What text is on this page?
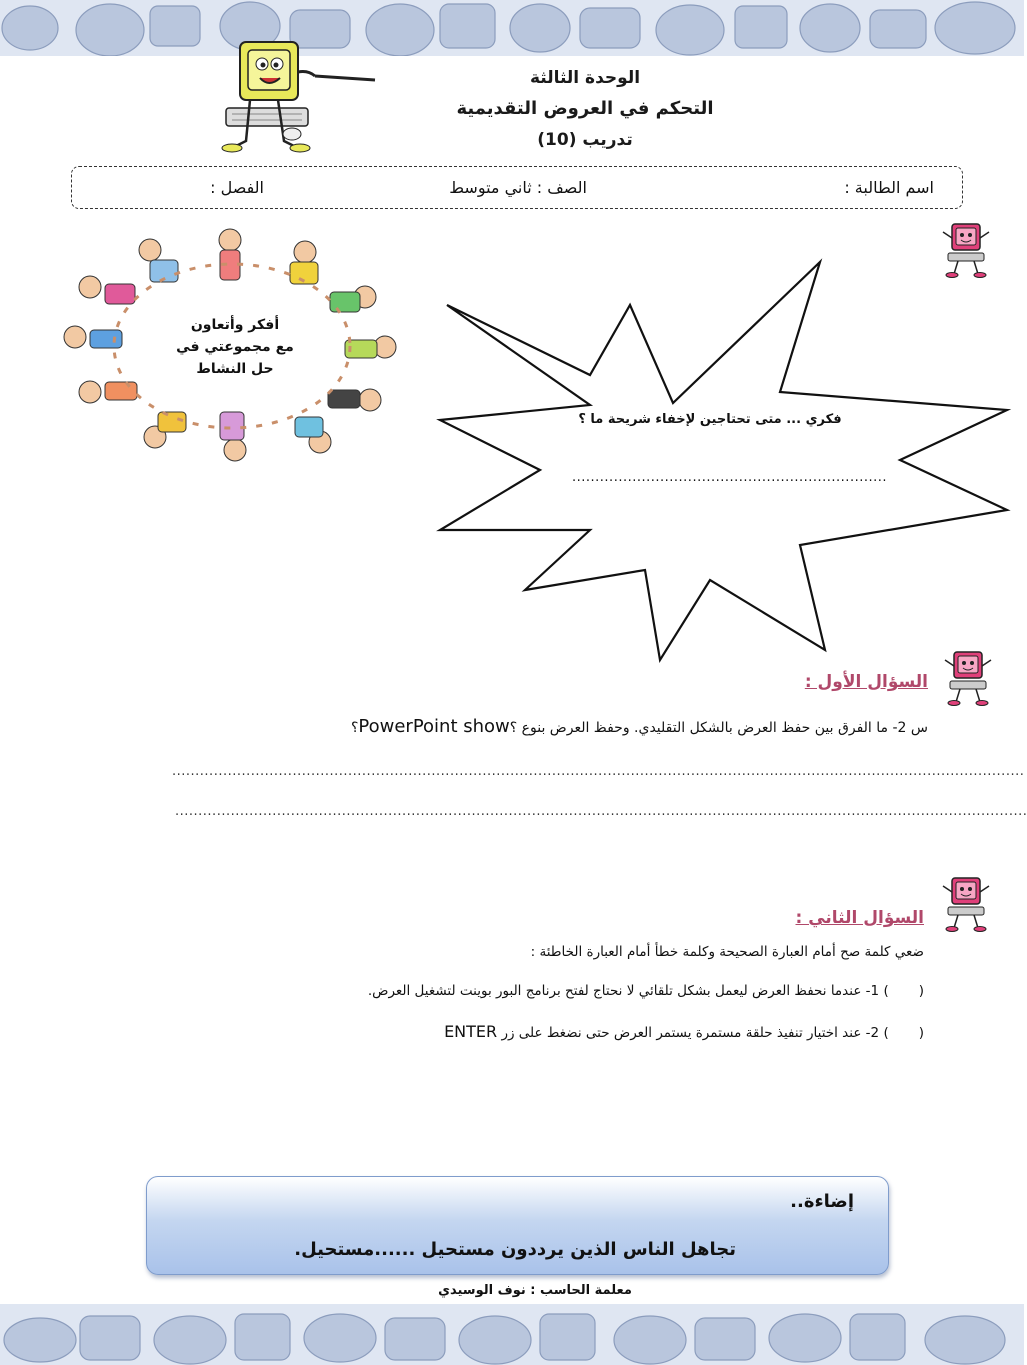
الوحدة الثالثة
التحكم في العروض التقديمية
تدريب (10)
اسم الطالبة :
الصف : ثاني متوسط
الفصل :
أفكر وأتعاون
مع مجموعتي في
حل النشاط
فكري ... متى تحتاجين لإخفاء شريحة ما ؟
....................................................................
السؤال الأول :
س 2- ما الفرق بين حفظ العرض بالشكل التقليدي. وحفظ العرض بنوع ؟PowerPoint show؟
........................................................................................................................................................................................
........................................................................................................................................................................................
السؤال الثاني :
ضعي كلمة صح أمام العبارة الصحيحة وكلمة خطأ أمام العبارة الخاطئة :
() 1- عندما نحفظ العرض ليعمل بشكل تلقائي لا نحتاج لفتح برنامج البور بوينت لتشغيل العرض.
() 2- عند اختيار تنفيذ حلقة مستمرة يستمر العرض حتى نضغط على زر ENTER
إضاءة..
تجاهل الناس الذين يرددون مستحيل ......مستحيل.
معلمة الحاسب : نوف الوسيدي
